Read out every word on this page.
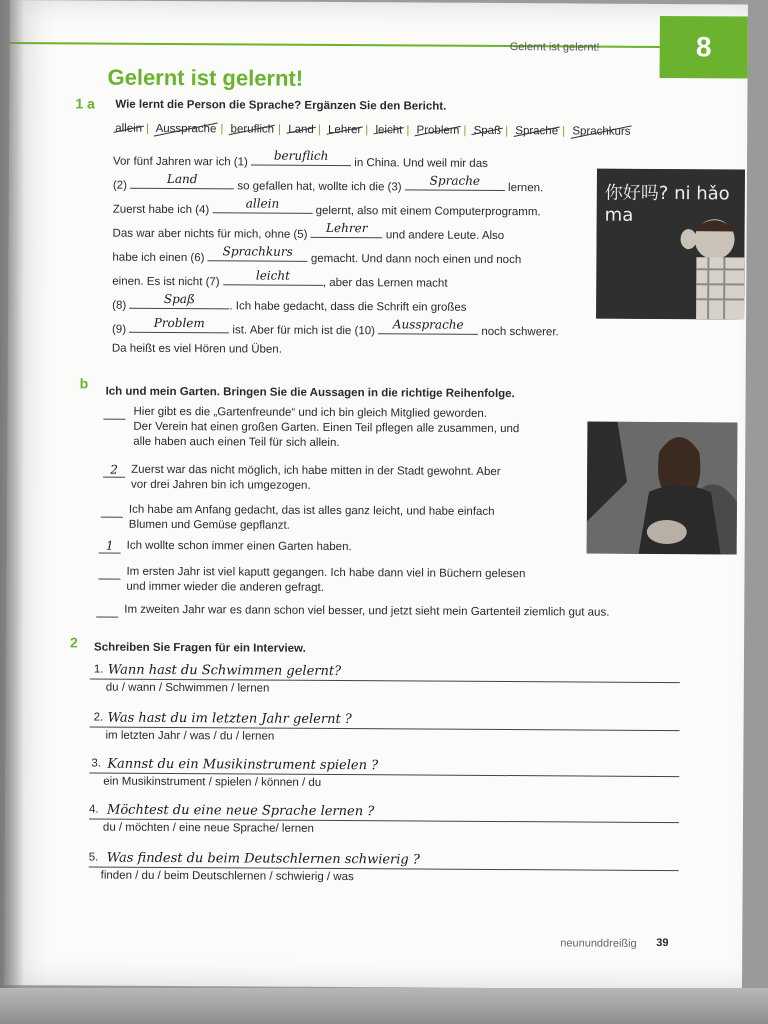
Gelernt ist gelernt!	8
Gelernt ist gelernt!
1 a Wie lernt die Person die Sprache? Ergänzen Sie den Bericht.
allein | Aussprache | beruflich | Land | Lehrer | leicht | Problem | Spaß | Sprache | Sprachkurs
Vor fünf Jahren war ich (1)	beruflich
in China. Und weil mir das
(2)	Land
so gefallen hat, wollte ich die (3)	Sprache
lernen.
Zuerst habe ich (4)	allein
gelernt, also mit einem Computerprogramm.
Das war aber nichts für mich, ohne (5)	Lehrer
und andere Leute. Also
habe ich einen (6)	Sprachkurs
gemacht. Und dann noch einen und noch
einen. Es ist nicht (7)	leicht
, aber das Lernen macht
(8)	Spaß
. Ich habe gedacht, dass die Schrift ein großes
(9)	Problem
ist. Aber für mich ist die (10)	Aussprache
noch schwerer.
Da heißt es viel Hören und Üben.
你好吗? ni hǎo ma
b
Ich und mein Garten. Bringen Sie die Aussagen in die richtige Reihenfolge.
Hier gibt es die „Gartenfreunde“ und ich bin gleich Mitglied geworden.
Der Verein hat einen großen Garten. Einen Teil pflegen alle zusammen, und
alle haben auch einen Teil für sich allein.
2	Zuerst war das nicht möglich, ich habe mitten in der Stadt gewohnt. Aber
vor drei Jahren bin ich umgezogen.
Ich habe am Anfang gedacht, das ist alles ganz leicht, und habe einfach
Blumen und Gemüse gepflanzt.
1	Ich wollte schon immer einen Garten haben.
Im ersten Jahr ist viel kaputt gegangen. Ich habe dann viel in Büchern gelesen
und immer wieder die anderen gefragt.
Im zweiten Jahr war es dann schon viel besser, und jetzt sieht mein Gartenteil ziemlich gut aus.
2 Schreiben Sie Fragen für ein Interview.
1. Wann hast du Schwimmen gelernt?
du / wann / Schwimmen / lernen
2. Was hast du im letzten Jahr gelernt ?
im letzten Jahr / was / du / lernen
3. Kannst du ein Musikinstrument spielen ?
ein Musikinstrument / spielen / können / du
4. Möchtest du eine neue Sprache lernen ?
du / möchten / eine neue Sprache/ lernen
5. Was findest du beim Deutschlernen schwierig ?
finden / du / beim Deutschlernen / schwierig / was
neununddreißig 39
